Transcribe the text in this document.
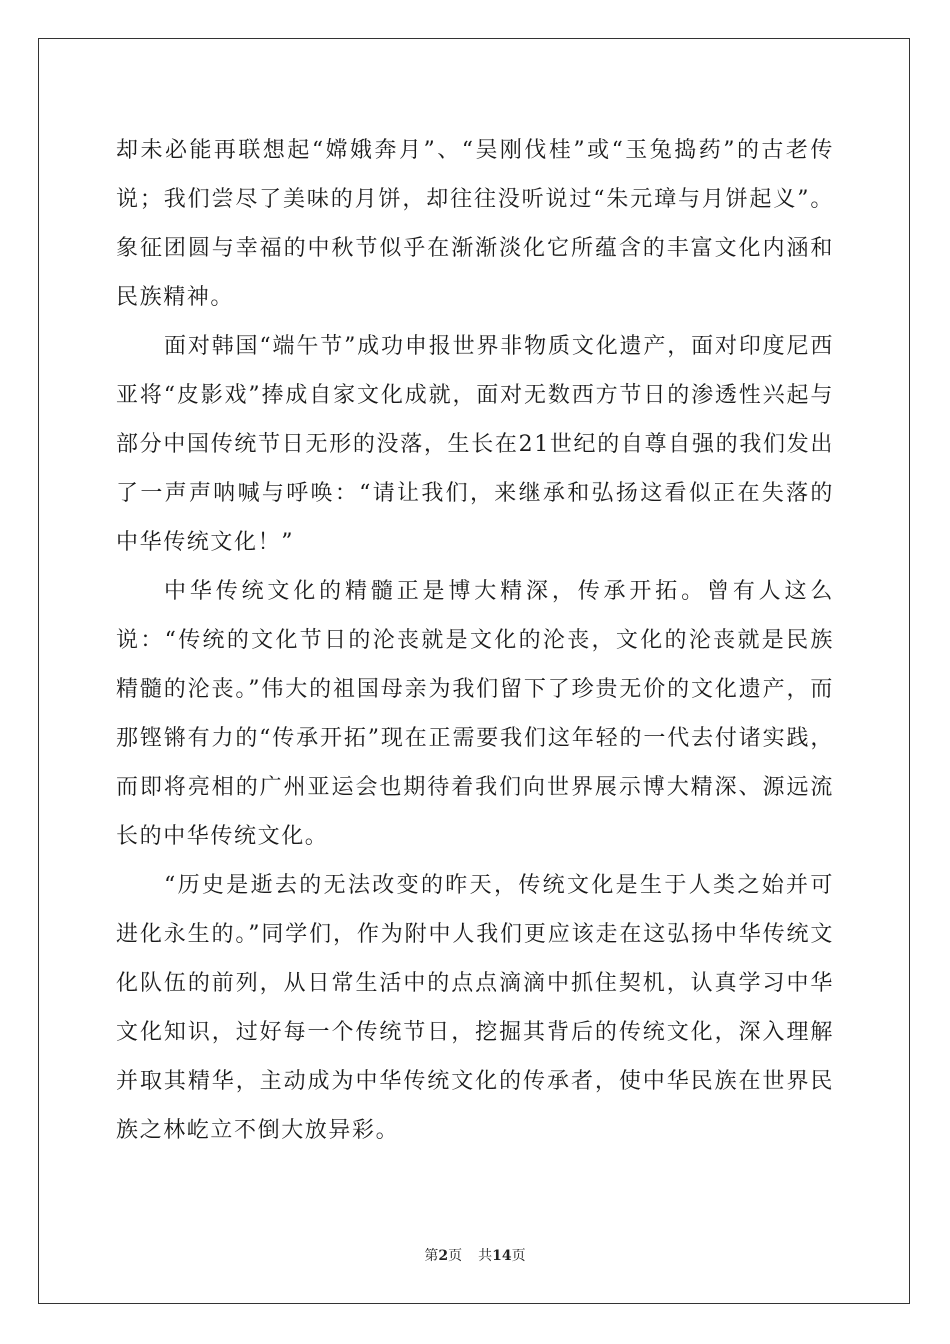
却未必能再联想起“嫦娥奔月”、“吴刚伐桂”或“玉兔捣药”的古老传说；我们尝尽了美味的月饼，却往往没听说过“朱元璋与月饼起义”。象征团圆与幸福的中秋节似乎在渐渐淡化它所蕴含的丰富文化内涵和民族精神。

面对韩国“端午节”成功申报世界非物质文化遗产，面对印度尼西亚将“皮影戏”捧成自家文化成就，面对无数西方节日的渗透性兴起与部分中国传统节日无形的没落，生长在21世纪的自尊自强的我们发出了一声声呐喊与呼唤：“请让我们，来继承和弘扬这看似正在失落的中华传统文化！”

中华传统文化的精髓正是博大精深，传承开拓。曾有人这么说：“传统的文化节日的沦丧就是文化的沦丧，文化的沦丧就是民族精髓的沦丧。”伟大的祖国母亲为我们留下了珍贵无价的文化遗产，而那铿锵有力的“传承开拓”现在正需要我们这年轻的一代去付诸实践，而即将亮相的广州亚运会也期待着我们向世界展示博大精深、源远流长的中华传统文化。

“历史是逝去的无法改变的昨天，传统文化是生于人类之始并可进化永生的。”同学们，作为附中人我们更应该走在这弘扬中华传统文化队伍的前列，从日常生活中的点点滴滴中抓住契机，认真学习中华文化知识，过好每一个传统节日，挖掘其背后的传统文化，深入理解并取其精华，主动成为中华传统文化的传承者，使中华民族在世界民族之林屹立不倒大放异彩。

第2页 共14页
